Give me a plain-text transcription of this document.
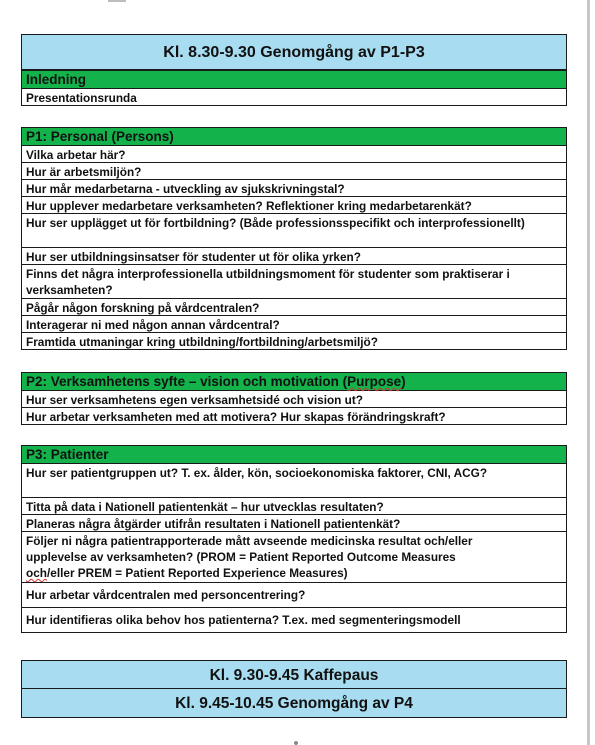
Kl. 8.30-9.30 Genomgång av P1-P3
Inledning
Presentationsrunda
P1: Personal (Persons)
Vilka arbetar här?
Hur är arbetsmiljön?
Hur mår medarbetarna - utveckling av sjukskrivningstal?
Hur upplever medarbetare verksamheten? Reflektioner kring medarbetarenkät?
Hur ser upplägget ut för fortbildning? (Både professionsspecifikt och interprofessionellt)
Hur ser utbildningsinsatser för studenter ut för olika yrken?
Finns det några interprofessionella utbildningsmoment för studenter som praktiserar i verksamheten?
Pågår någon forskning på vårdcentralen?
Interagerar ni med någon annan vårdcentral?
Framtida utmaningar kring utbildning/fortbildning/arbetsmiljö?
P2: Verksamhetens syfte – vision och motivation (Purpose)
Hur ser verksamhetens egen verksamhetsidé och vision ut?
Hur arbetar verksamheten med att motivera? Hur skapas förändringskraft?
P3: Patienter
Hur ser patientgruppen ut? T. ex. ålder, kön, socioekonomiska faktorer, CNI, ACG?
Titta på data i Nationell patientenkät – hur utvecklas resultaten?
Planeras några åtgärder utifrån resultaten i Nationell patientenkät?
Följer ni några patientrapporterade mått avseende medicinska resultat och/eller
upplevelse av verksamheten? (PROM = Patient Reported Outcome Measures
och/eller PREM = Patient Reported Experience Measures)
Hur arbetar vårdcentralen med personcentrering?
Hur identifieras olika behov hos patienterna? T.ex. med segmenteringsmodell
Kl. 9.30-9.45 Kaffepaus
Kl. 9.45-10.45 Genomgång av P4
